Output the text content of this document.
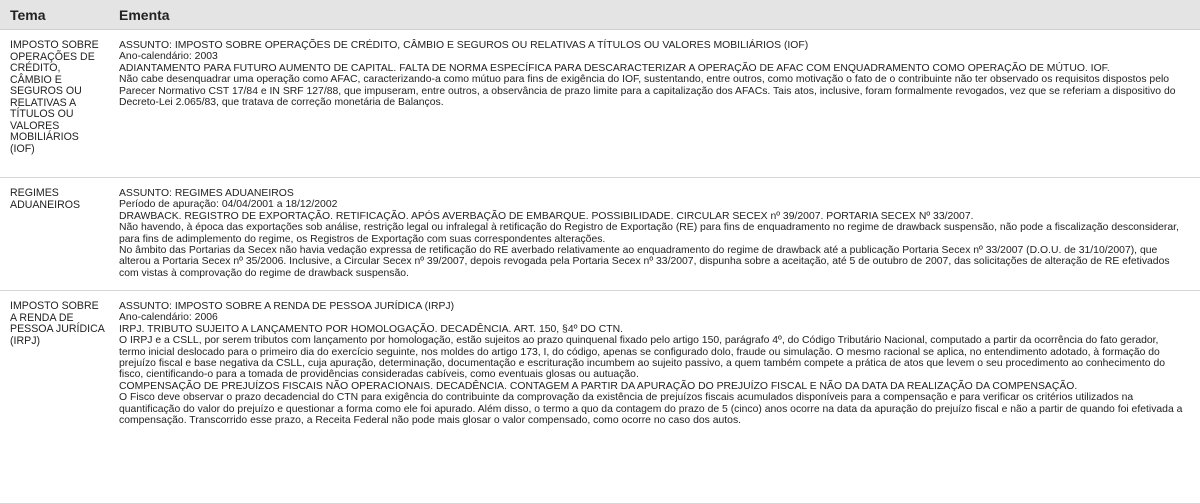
Tema	Ementa
IMPOSTO SOBRE OPERAÇÕES DE CRÉDITO, CÂMBIO E SEGUROS OU RELATIVAS A TÍTULOS OU VALORES MOBILIÁRIOS (IOF)

ASSUNTO: IMPOSTO SOBRE OPERAÇÕES DE CRÉDITO, CÂMBIO E SEGUROS OU RELATIVAS A TÍTULOS OU VALORES MOBILIÁRIOS (IOF)

Ano-calendário: 2003

ADIANTAMENTO PARA FUTURO AUMENTO DE CAPITAL. FALTA DE NORMA ESPECÍFICA PARA DESCARACTERIZAR A OPERAÇÃO DE AFAC COM ENQUADRAMENTO COMO OPERAÇÃO DE MÚTUO. IOF.

Não cabe desenquadrar uma operação como AFAC, caracterizando-a como mútuo para fins de exigência do IOF, sustentando, entre outros, como motivação o fato de o contribuinte não ter observado os requisitos dispostos pelo Parecer Normativo CST 17/84 e IN SRF 127/88, que impuseram, entre outros, a observância de prazo limite para a capitalização dos AFACs. Tais atos, inclusive, foram formalmente revogados, vez que se referiam a dispositivo do Decreto-Lei 2.065/83, que tratava de correção monetária de Balanços.

REGIMES ADUANEIROS

ASSUNTO: REGIMES ADUANEIROS

Período de apuração: 04/04/2001 a 18/12/2002

DRAWBACK. REGISTRO DE EXPORTAÇÃO. RETIFICAÇÃO. APÓS AVERBAÇÃO DE EMBARQUE. POSSIBILIDADE. CIRCULAR SECEX nº 39/2007. PORTARIA SECEX Nº 33/2007.

Não havendo, à época das exportações sob análise, restrição legal ou infralegal à retificação do Registro de Exportação (RE) para fins de enquadramento no regime de drawback suspensão, não pode a fiscalização desconsiderar, para fins de adimplemento do regime, os Registros de Exportação com suas correspondentes alterações.

No âmbito das Portarias da Secex não havia vedação expressa de retificação do RE averbado relativamente ao enquadramento do regime de drawback até a publicação Portaria Secex nº 33/2007 (D.O.U. de 31/10/2007), que alterou a Portaria Secex nº 35/2006. Inclusive, a Circular Secex nº 39/2007, depois revogada pela Portaria Secex nº 33/2007, dispunha sobre a aceitação, até 5 de outubro de 2007, das solicitações de alteração de RE efetivados com vistas à comprovação do regime de drawback suspensão.

IMPOSTO SOBRE A RENDA DE PESSOA JURÍDICA (IRPJ)

ASSUNTO: IMPOSTO SOBRE A RENDA DE PESSOA JURÍDICA (IRPJ)

Ano-calendário: 2006

IRPJ. TRIBUTO SUJEITO A LANÇAMENTO POR HOMOLOGAÇÃO. DECADÊNCIA. ART. 150, §4º DO CTN.

O IRPJ e a CSLL, por serem tributos com lançamento por homologação, estão sujeitos ao prazo quinquenal fixado pelo artigo 150, parágrafo 4º, do Código Tributário Nacional, computado a partir da ocorrência do fato gerador, termo inicial deslocado para o primeiro dia do exercício seguinte, nos moldes do artigo 173, I, do código, apenas se configurado dolo, fraude ou simulação. O mesmo racional se aplica, no entendimento adotado, à formação do prejuízo fiscal e base negativa da CSLL, cuja apuração, determinação, documentação e escrituração incumbem ao sujeito passivo, a quem também compete a prática de atos que levem o seu procedimento ao conhecimento do fisco, cientificando-o para a tomada de providências consideradas cabíveis, como eventuais glosas ou autuação.

COMPENSAÇÃO DE PREJUÍZOS FISCAIS NÃO OPERACIONAIS. DECADÊNCIA. CONTAGEM A PARTIR DA APURAÇÃO DO PREJUÍZO FISCAL E NÃO DA DATA DA REALIZAÇÃO DA COMPENSAÇÃO.

O Fisco deve observar o prazo decadencial do CTN para exigência do contribuinte da comprovação da existência de prejuízos fiscais acumulados disponíveis para a compensação e para verificar os critérios utilizados na quantificação do valor do prejuízo e questionar a forma como ele foi apurado. Além disso, o termo a quo da contagem do prazo de 5 (cinco) anos ocorre na data da apuração do prejuízo fiscal e não a partir de quando foi efetivada a compensação. Transcorrido esse prazo, a Receita Federal não pode mais glosar o valor compensado, como ocorre no caso dos autos.
